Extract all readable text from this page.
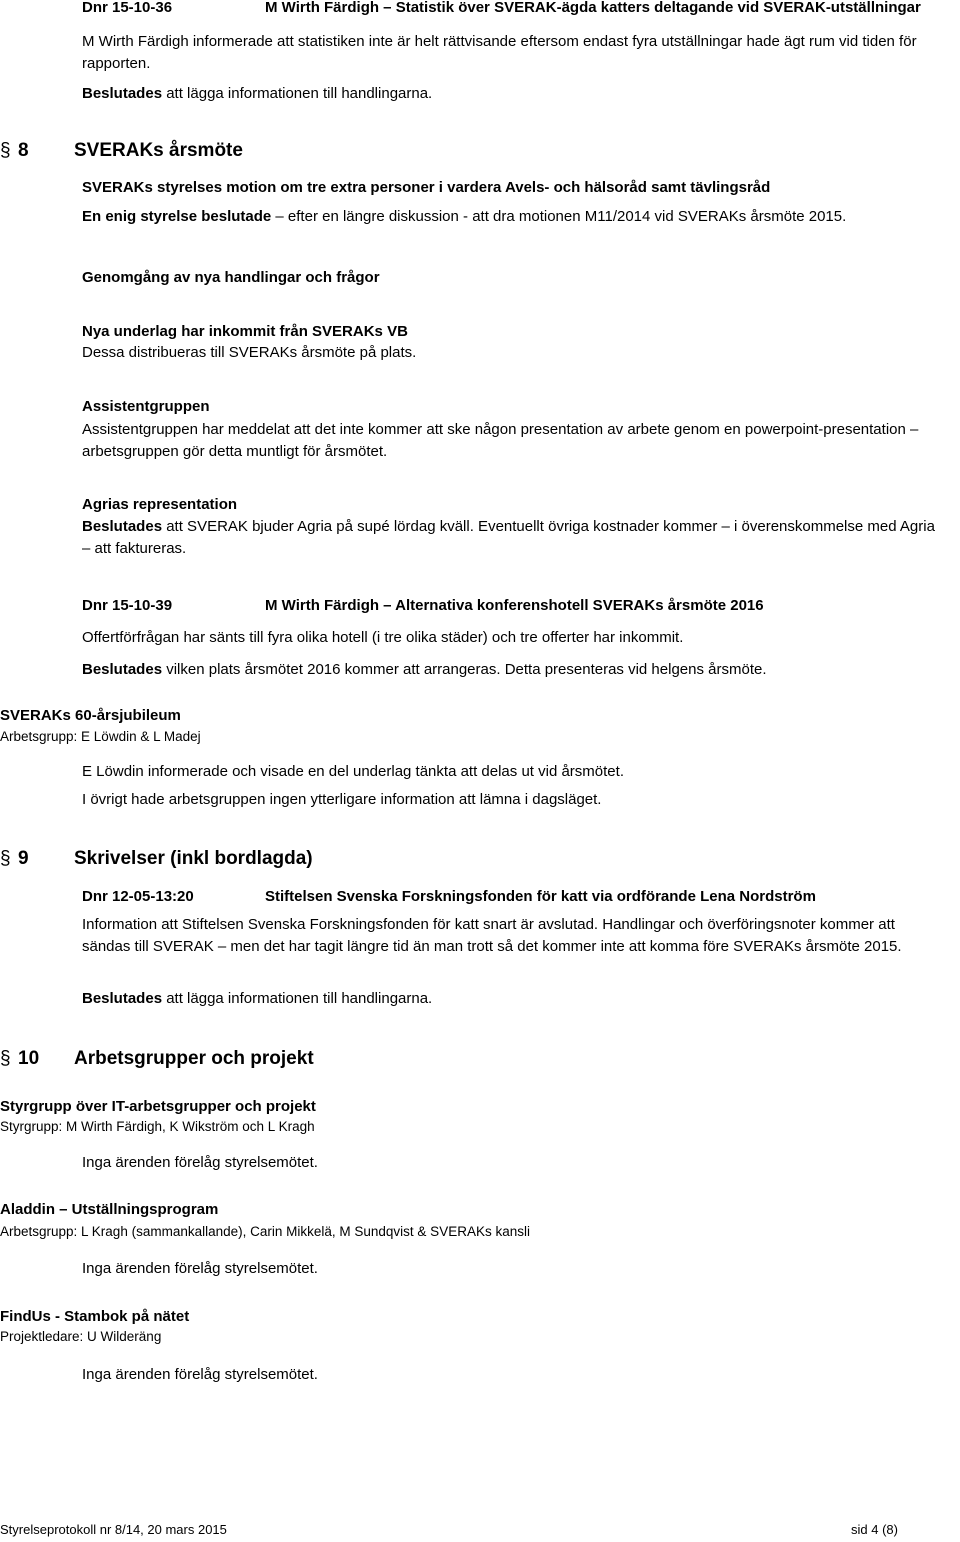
Dnr 15-10-36	M Wirth Färdigh – Statistik över SVERAK-ägda katters deltagande vid SVERAK-utställningar
M Wirth Färdigh informerade att statistiken inte är helt rättvisande eftersom endast fyra utställningar hade ägt rum vid tiden för rapporten.
Beslutades att lägga informationen till handlingarna.
§ 8 SVERAKs årsmöte
SVERAKs styrelses motion om tre extra personer i vardera Avels- och hälsoråd samt tävlingsråd
En enig styrelse beslutade – efter en längre diskussion - att dra motionen M11/2014 vid SVERAKs årsmöte 2015.
Genomgång av nya handlingar och frågor
Nya underlag har inkommit från SVERAKs VB
Dessa distribueras till SVERAKs årsmöte på plats.
Assistentgruppen
Assistentgruppen har meddelat att det inte kommer att ske någon presentation av arbete genom en powerpoint-presentation – arbetsgruppen gör detta muntligt för årsmötet.
Agrias representation
Beslutades att SVERAK bjuder Agria på supé lördag kväll. Eventuellt övriga kostnader kommer – i överenskommelse med Agria – att faktureras.
Dnr 15-10-39	M Wirth Färdigh – Alternativa konferenshotell SVERAKs årsmöte 2016
Offertförfrågan har sänts till fyra olika hotell (i tre olika städer) och tre offerter har inkommit.
Beslutades vilken plats årsmötet 2016 kommer att arrangeras. Detta presenteras vid helgens årsmöte.
SVERAKs 60-årsjubileum
Arbetsgrupp: E Löwdin & L Madej
E Löwdin informerade och visade en del underlag tänkta att delas ut vid årsmötet.
I övrigt hade arbetsgruppen ingen ytterligare information att lämna i dagsläget.
§ 9 Skrivelser (inkl bordlagda)
Dnr 12-05-13:20	Stiftelsen Svenska Forskningsfonden för katt via ordförande Lena Nordström
Information att Stiftelsen Svenska Forskningsfonden för katt snart är avslutad. Handlingar och överföringsnoter kommer att sändas till SVERAK – men det har tagit längre tid än man trott så det kommer inte att komma före SVERAKs årsmöte 2015.
Beslutades att lägga informationen till handlingarna.
§ 10 Arbetsgrupper och projekt
Styrgrupp över IT-arbetsgrupper och projekt
Styrgrupp: M Wirth Färdigh, K Wikström och L Kragh
Inga ärenden förelåg styrelsemötet.
Aladdin – Utställningsprogram
Arbetsgrupp: L Kragh (sammankallande), Carin Mikkelä, M Sundqvist & SVERAKs kansli
Inga ärenden förelåg styrelsemötet.
FindUs - Stambok på nätet
Projektledare: U Wilderäng
Inga ärenden förelåg styrelsemötet.
Styrelseprotokoll nr 8/14, 20 mars 2015	sid 4 (8)
